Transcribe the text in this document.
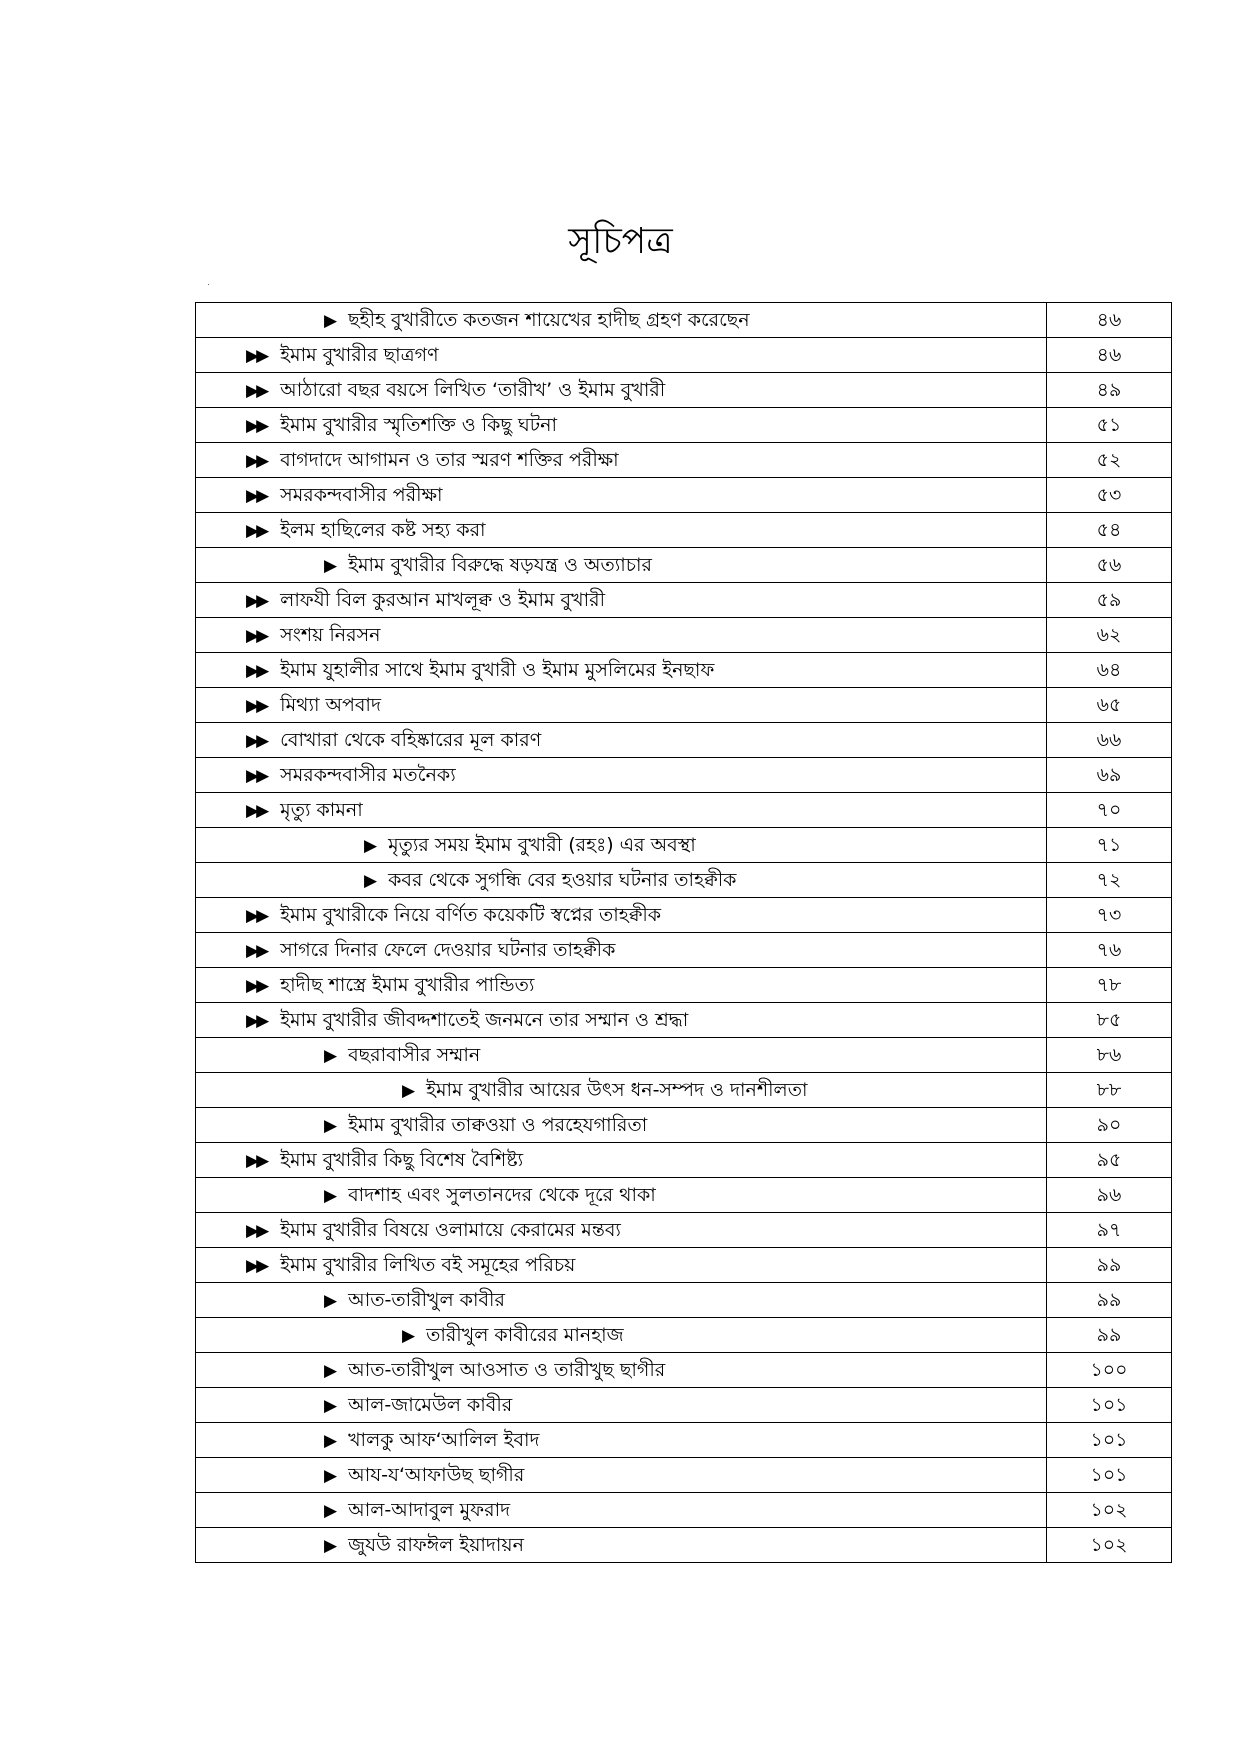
সূচিপত্র
▶ ছহীহ বুখারীতে কতজন শায়েখের হাদীছ গ্রহণ করেছেন	৪৬
▶▶ ইমাম বুখারীর ছাত্রগণ	৪৬
▶▶ আঠারো বছর বয়সে লিখিত ‘তারীখ’ ও ইমাম বুখারী	৪৯
▶▶ ইমাম বুখারীর স্মৃতিশক্তি ও কিছু ঘটনা	৫১
▶▶ বাগদাদে আগামন ও তার স্মরণ শক্তির পরীক্ষা	৫২
▶▶ সমরকন্দবাসীর পরীক্ষা	৫৩
▶▶ ইলম হাছিলের কষ্ট সহ্য করা	৫৪
▶ ইমাম বুখারীর বিরুদ্ধে ষড়যন্ত্র ও অত্যাচার	৫৬
▶▶ লাফযী বিল কুরআন মাখলূক্ব ও ইমাম বুখারী	৫৯
▶▶ সংশয় নিরসন	৬২
▶▶ ইমাম যুহালীর সাথে ইমাম বুখারী ও ইমাম মুসলিমের ইনছাফ	৬৪
▶▶ মিথ্যা অপবাদ	৬৫
▶▶ বোখারা থেকে বহিষ্কারের মূল কারণ	৬৬
▶▶ সমরকন্দবাসীর মতনৈক্য	৬৯
▶▶ মৃত্যু কামনা	৭০
▶ মৃত্যুর সময় ইমাম বুখারী (রহঃ) এর অবস্থা	৭১
▶ কবর থেকে সুগন্ধি বের হওয়ার ঘটনার তাহক্বীক	৭২
▶▶ ইমাম বুখারীকে নিয়ে বর্ণিত কয়েকটি স্বপ্নের তাহক্বীক	৭৩
▶▶ সাগরে দিনার ফেলে দেওয়ার ঘটনার তাহক্বীক	৭৬
▶▶ হাদীছ শাস্ত্রে ইমাম বুখারীর পান্ডিত্য	৭৮
▶▶ ইমাম বুখারীর জীবদ্দশাতেই জনমনে তার সম্মান ও শ্রদ্ধা	৮৫
▶ বছরাবাসীর সম্মান	৮৬
▶ ইমাম বুখারীর আয়ের উৎস ধন-সম্পদ ও দানশীলতা	৮৮
▶ ইমাম বুখারীর তাক্বওয়া ও পরহেযগারিতা	৯০
▶▶ ইমাম বুখারীর কিছু বিশেষ বৈশিষ্ট্য	৯৫
▶ বাদশাহ এবং সুলতানদের থেকে দূরে থাকা	৯৬
▶▶ ইমাম বুখারীর বিষয়ে ওলামায়ে কেরামের মন্তব্য	৯৭
▶▶ ইমাম বুখারীর লিখিত বই সমূহের পরিচয়	৯৯
▶ আত-তারীখুল কাবীর	৯৯
▶ তারীখুল কাবীরের মানহাজ	৯৯
▶ আত-তারীখুল আওসাত ও তারীখুছ ছাগীর	১০০
▶ আল-জামেউল কাবীর	১০১
▶ খালকু আফ‘আলিল ইবাদ	১০১
▶ আয-য‘আফাউছ ছাগীর	১০১
▶ আল-আদাবুল মুফরাদ	১০২
▶ জুযউ রাফঈল ইয়াদায়ন	১০২
